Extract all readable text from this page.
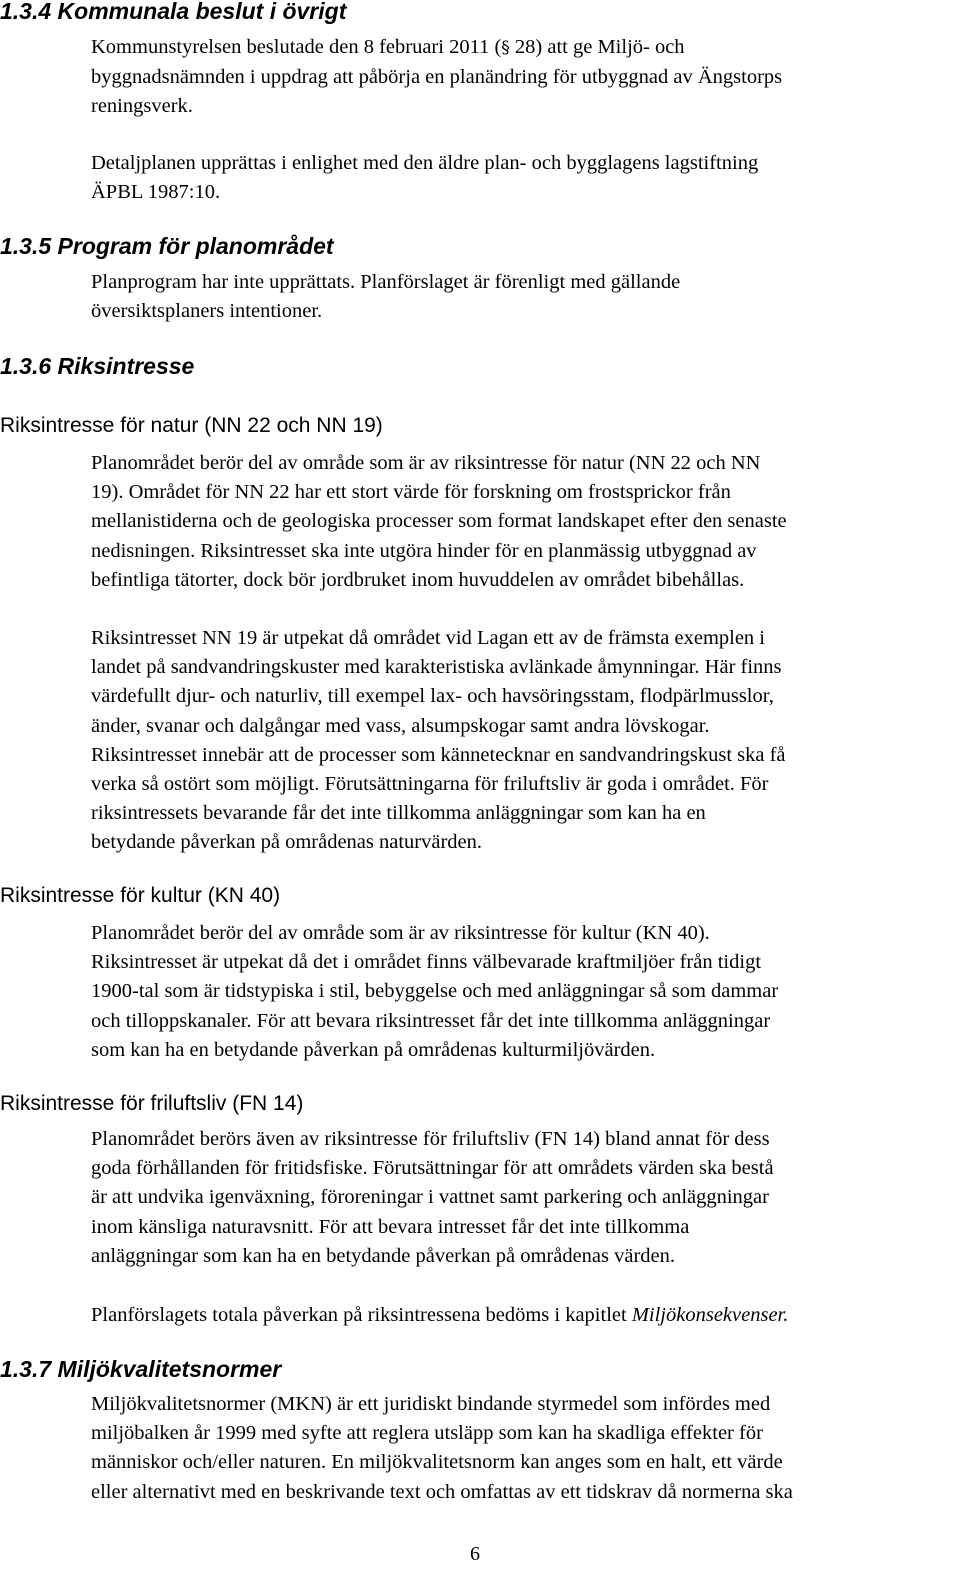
1.3.4 Kommunala beslut i övrigt

Kommunstyrelsen beslutade den 8 februari 2011 (§ 28) att ge Miljö- och
byggnadsnämnden i uppdrag att påbörja en planändring för utbyggnad av Ängstorps
reningsverk.

Detaljplanen upprättas i enlighet med den äldre plan- och bygglagens lagstiftning
ÄPBL 1987:10.

1.3.5 Program för planområdet

Planprogram har inte upprättats. Planförslaget är förenligt med gällande
översiktsplaners intentioner.

1.3.6 Riksintresse
Riksintresse för natur (NN 22 och NN 19)

Planområdet berör del av område som är av riksintresse för natur (NN 22 och NN
19). Området för NN 22 har ett stort värde för forskning om frostsprickor från
mellanistiderna och de geologiska processer som format landskapet efter den senaste
nedisningen. Riksintresset ska inte utgöra hinder för en planmässig utbyggnad av
befintliga tätorter, dock bör jordbruket inom huvuddelen av området bibehållas.

Riksintresset NN 19 är utpekat då området vid Lagan ett av de främsta exemplen i
landet på sandvandringskuster med karakteristiska avlänkade åmynningar. Här finns
värdefullt djur- och naturliv, till exempel lax- och havsöringsstam, flodpärlmusslor,
änder, svanar och dalgångar med vass, alsumpskogar samt andra lövskogar.
Riksintresset innebär att de processer som kännetecknar en sandvandringskust ska få
verka så ostört som möjligt. Förutsättningarna för friluftsliv är goda i området. För
riksintressets bevarande får det inte tillkomma anläggningar som kan ha en
betydande påverkan på områdenas naturvärden.

Riksintresse för kultur (KN 40)

Planområdet berör del av område som är av riksintresse för kultur (KN 40).
Riksintresset är utpekat då det i området finns välbevarade kraftmiljöer från tidigt
1900-tal som är tidstypiska i stil, bebyggelse och med anläggningar så som dammar
och tilloppskanaler. För att bevara riksintresset får det inte tillkomma anläggningar
som kan ha en betydande påverkan på områdenas kulturmiljövärden.

Riksintresse för friluftsliv (FN 14)

Planområdet berörs även av riksintresse för friluftsliv (FN 14) bland annat för dess
goda förhållanden för fritidsfiske. Förutsättningar för att områdets värden ska bestå
är att undvika igenväxning, föroreningar i vattnet samt parkering och anläggningar
inom känsliga naturavsnitt. För att bevara intresset får det inte tillkomma
anläggningar som kan ha en betydande påverkan på områdenas värden.

Planförslagets totala påverkan på riksintressena bedöms i kapitlet Miljökonsekvenser.

1.3.7 Miljökvalitetsnormer

Miljökvalitetsnormer (MKN) är ett juridiskt bindande styrmedel som infördes med
miljöbalken år 1999 med syfte att reglera utsläpp som kan ha skadliga effekter för
människor och/eller naturen. En miljökvalitetsnorm kan anges som en halt, ett värde
eller alternativt med en beskrivande text och omfattas av ett tidskrav då normerna ska

6
